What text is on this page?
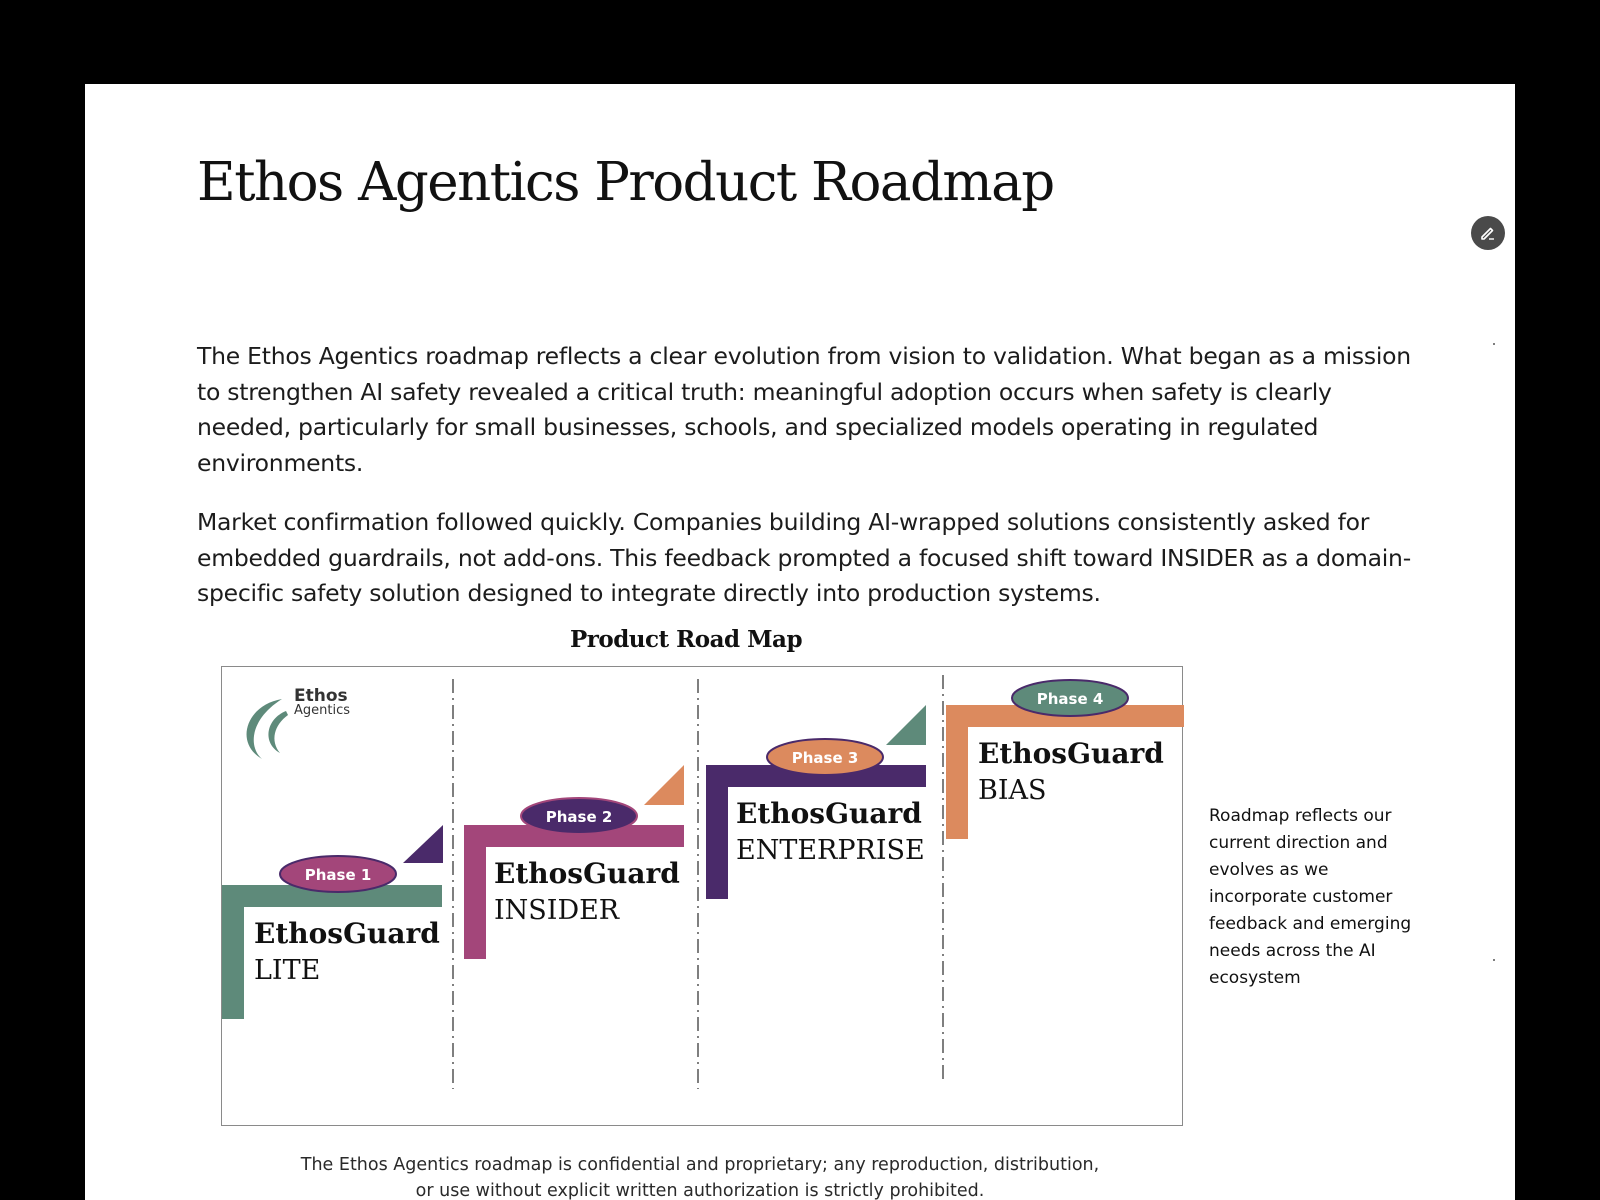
Ethos Agentics Product Roadmap

The Ethos Agentics roadmap reflects a clear evolution from vision to validation. What began as a mission to strengthen AI safety revealed a critical truth: meaningful adoption occurs when safety is clearly needed, particularly for small businesses, schools, and specialized models operating in regulated environments.

Market confirmation followed quickly. Companies building AI-wrapped solutions consistently asked for embedded guardrails, not add-ons. This feedback prompted a focused shift toward INSIDER as a domain-specific safety solution designed to integrate directly into production systems.

Product Road Map

Ethos
Agentics
Phase 1
EthosGuard
LITE
Phase 2
EthosGuard
INSIDER
Phase 3
EthosGuard
ENTERPRISE
Phase 4
EthosGuard
BIAS

Roadmap reflects our current direction and evolves as we incorporate customer feedback and emerging needs across the AI ecosystem

The Ethos Agentics roadmap is confidential and proprietary; any reproduction, distribution, or use without explicit written authorization is strictly prohibited.
